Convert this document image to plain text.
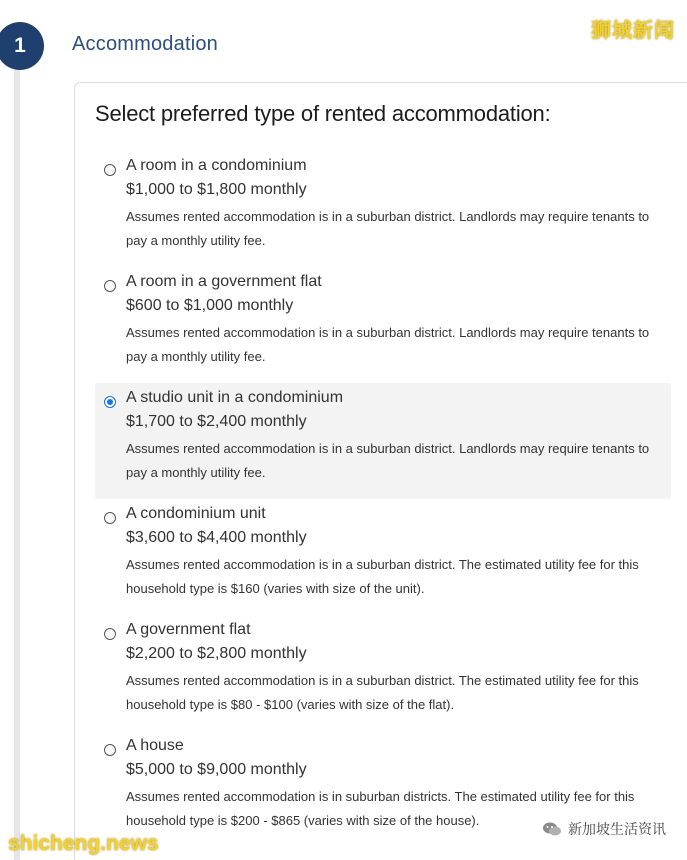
1	Accommodation
Select preferred type of rented accommodation:
A room in a condominium
$1,000 to $1,800 monthly
Assumes rented accommodation is in a suburban district. Landlords may require tenants to pay a monthly utility fee.
A room in a government flat
$600 to $1,000 monthly
Assumes rented accommodation is in a suburban district. Landlords may require tenants to pay a monthly utility fee.
A studio unit in a condominium
$1,700 to $2,400 monthly
Assumes rented accommodation is in a suburban district. Landlords may require tenants to pay a monthly utility fee.
A condominium unit
$3,600 to $4,400 monthly
Assumes rented accommodation is in a suburban district. The estimated utility fee for this household type is $160 (varies with size of the unit).
A government flat
$2,200 to $2,800 monthly
Assumes rented accommodation is in a suburban district. The estimated utility fee for this household type is $80 - $100 (varies with size of the flat).
A house
$5,000 to $9,000 monthly
Assumes rented accommodation is in suburban districts. The estimated utility fee for this household type is $200 - $865 (varies with size of the house).
狮城新闻
shicheng.news
新加坡生活资讯
